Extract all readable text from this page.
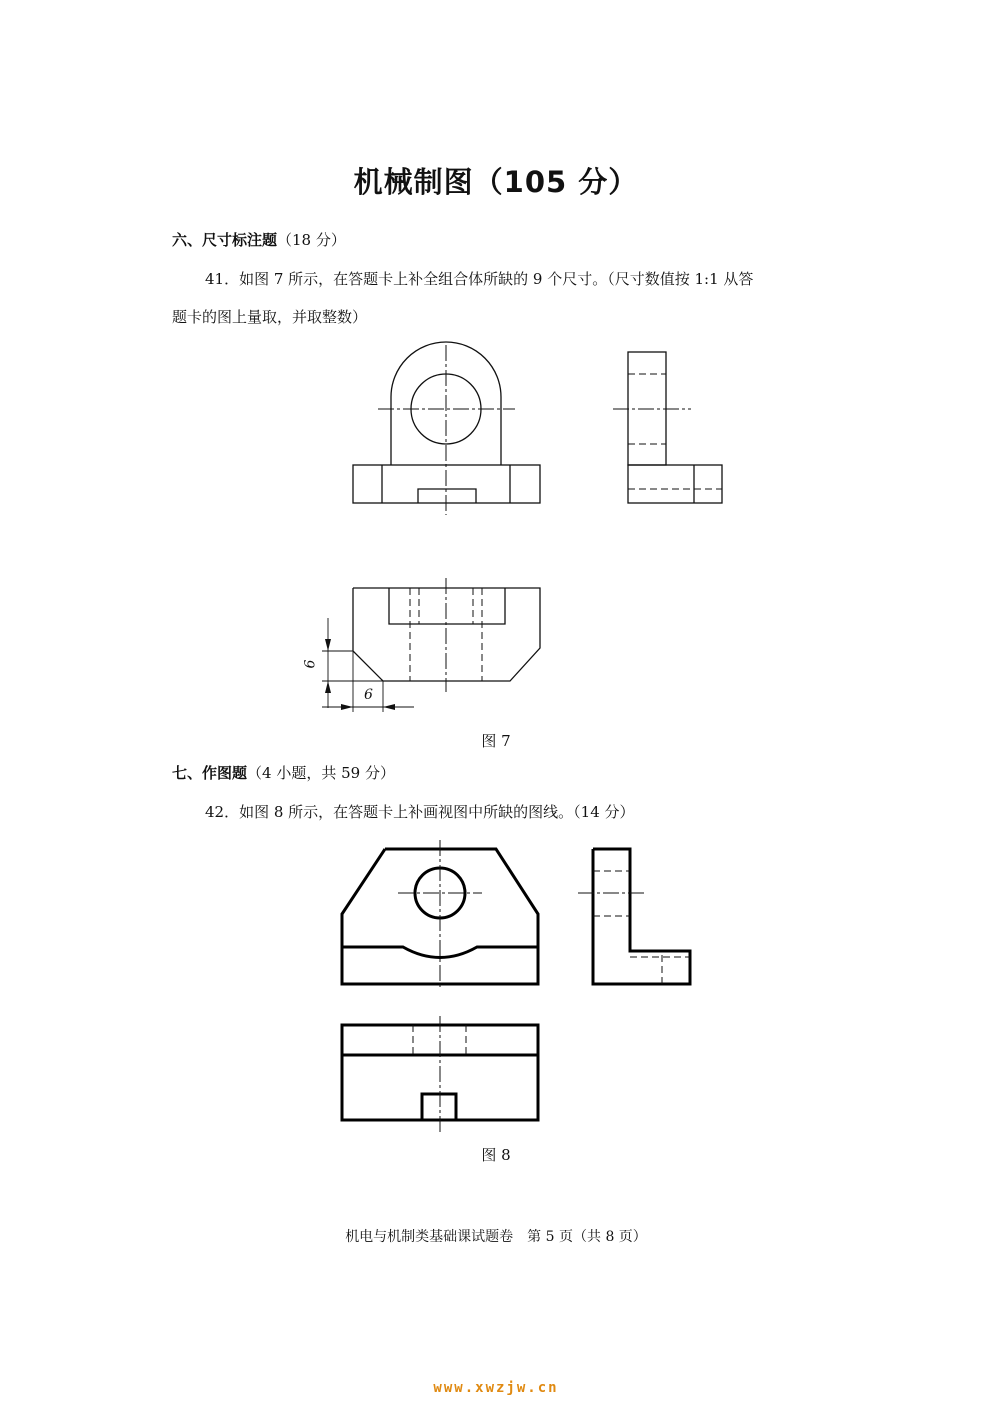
机械制图（105 分）
六、尺寸标注题（18 分）
41．如图 7 所示，在答题卡上补全组合体所缺的 9 个尺寸。（尺寸数值按 1:1 从答
题卡的图上量取，并取整数）
6
6
图 7
七、作图题（4 小题，共 59 分）
42．如图 8 所示，在答题卡上补画视图中所缺的图线。（14 分）
图 8
机电与机制类基础课试题卷　第 5 页（共 8 页）
www.xwzjw.cn
